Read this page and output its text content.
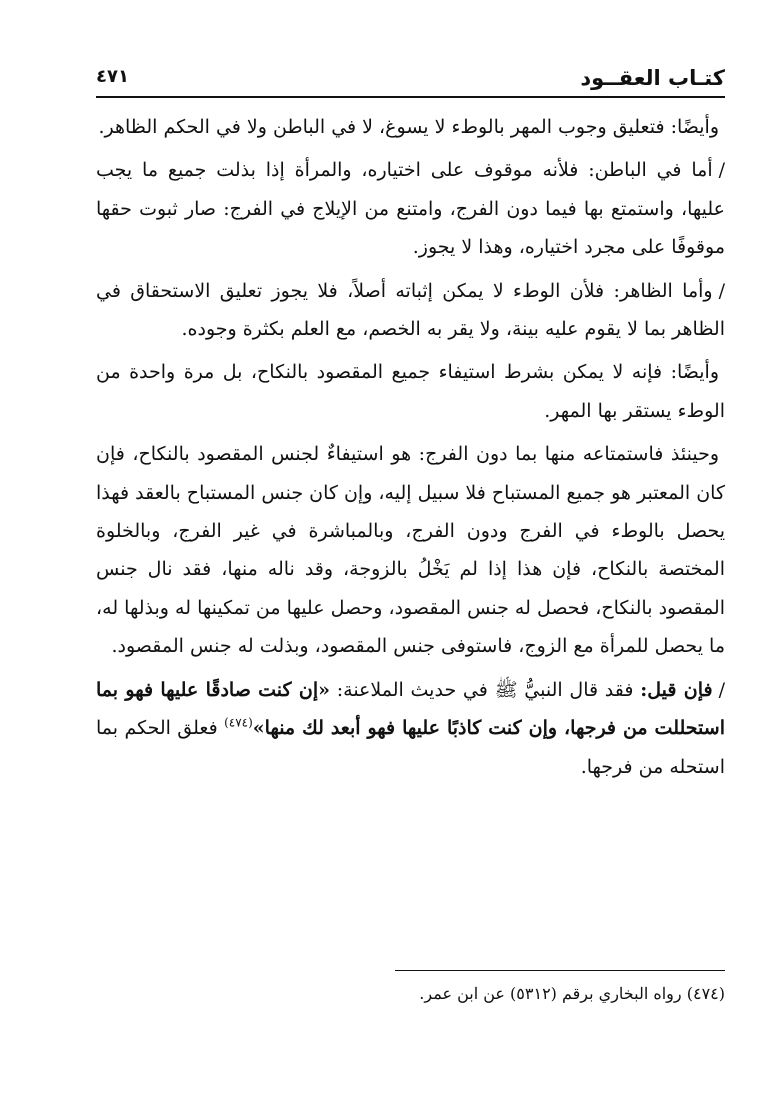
كتـاب العقــود
٤٧١

وأيضًا: فتعليق وجوب المهر بالوطء لا يسوغ، لا في الباطن ولا في الحكم الظاهر.

/أما في الباطن: فلأنه موقوف على اختياره، والمرأة إذا بذلت جميع ما يجب عليها، واستمتع بها فيما دون الفرج، وامتنع من الإيلاج في الفرج: صار ثبوت حقها موقوفًا على مجرد اختياره، وهذا لا يجوز.

/وأما الظاهر: فلأن الوطء لا يمكن إثباته أصلاً، فلا يجوز تعليق الاستحقاق في الظاهر بما لا يقوم عليه بينة، ولا يقر به الخصم، مع العلم بكثرة وجوده.

وأيضًا: فإنه لا يمكن بشرط استيفاء جميع المقصود بالنكاح، بل مرة واحدة من الوطء يستقر بها المهر.

وحينئذ فاستمتاعه منها بما دون الفرج: هو استيفاءٌ لجنس المقصود بالنكاح، فإن كان المعتبر هو جميع المستباح فلا سبيل إليه، وإن كان جنس المستباح بالعقد فهذا يحصل بالوطء في الفرج ودون الفرج، وبالمباشرة في غير الفرج، وبالخلوة المختصة بالنكاح، فإن هذا إذا لم يَخْلُ بالزوجة، وقد ناله منها، فقد نال جنس المقصود بالنكاح، فحصل له جنس المقصود، وحصل عليها من تمكينها له وبذلها له، ما يحصل للمرأة مع الزوج، فاستوفى جنس المقصود، وبذلت له جنس المقصود.

/فإن قيل: فقد قال النبيُّ ﷺ في حديث الملاعنة: «إن كنت صادقًا عليها فهو بما استحللت من فرجها، وإن كنت كاذبًا عليها فهو أبعد لك منها»$^{(٤٧٤)}$ فعلق الحكم بما استحله من فرجها.

(٤٧٤) رواه البخاري برقم (٥٣١٢) عن ابن عمر.
